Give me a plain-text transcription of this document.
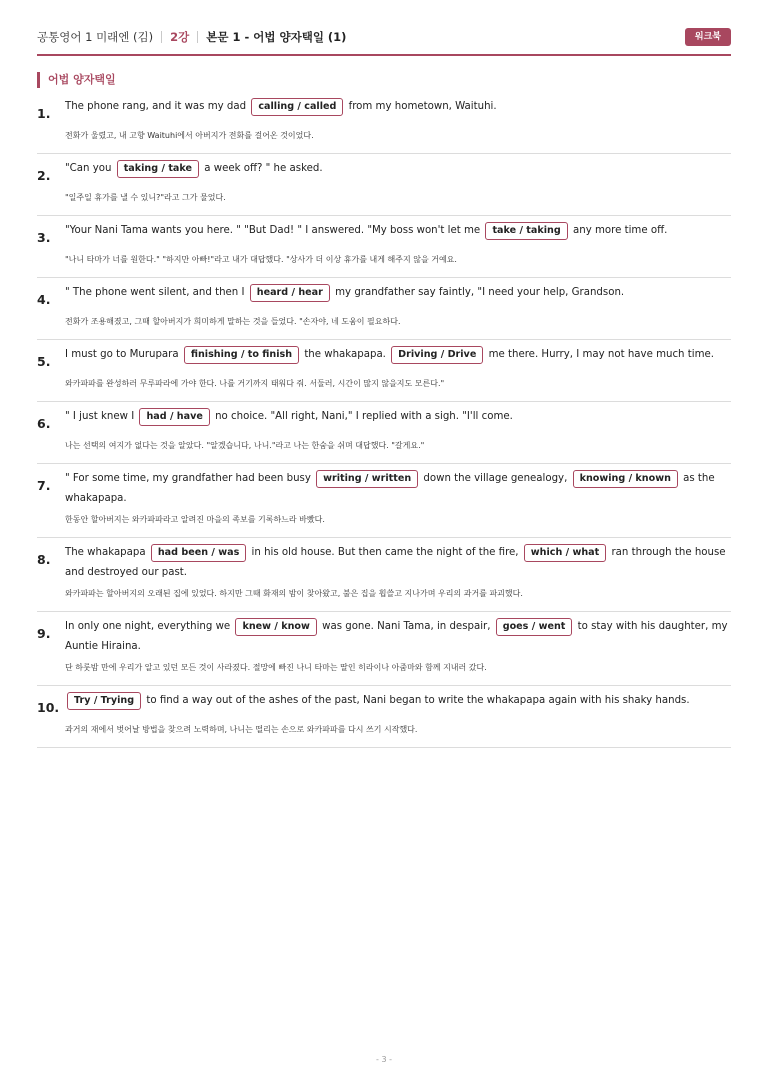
공통영어 1 미래엔 (김) 2강 본문 1 - 어법 양자택일 (1)	워크북
어법 양자택일
1.	The phone rang, and it was my dad calling / called from my hometown, Waituhi.
전화가 울렸고, 내 고향 Waituhi에서 아버지가 전화를 걸어온 것이었다.
2.	"Can you taking / take a week off? " he asked.
"일주일 휴가를 낼 수 있니?"라고 그가 물었다.
3.	"Your Nani Tama wants you here. " "But Dad! " I answered. "My boss won't let me take / taking any more time off.
"나니 타마가 너를 원한다." "하지만 아빠!"라고 내가 대답했다. "상사가 더 이상 휴가를 내게 해주지 않을 거예요.
4.	" The phone went silent, and then I heard / hear my grandfather say faintly, "I need your help, Grandson.
전화가 조용해졌고, 그때 할아버지가 희미하게 말하는 것을 들었다. "손자야, 네 도움이 필요하다.
5.	I must go to Murupara finishing / to finish the whakapapa. Driving / Drive me there. Hurry, I may not have much time.
와카파파를 완성하러 무루파라에 가야 한다. 나를 거기까지 태워다 줘. 서둘러, 시간이 많지 않을지도 모른다."
6.	" I just knew I had / have no choice. "All right, Nani," I replied with a sigh. "I'll come.
나는 선택의 여지가 없다는 것을 알았다. "알겠습니다, 나니."라고 나는 한숨을 쉬며 대답했다. "갈게요."
7.	" For some time, my grandfather had been busy writing / written down the village genealogy, knowing / known as the whakapapa.
한동안 할아버지는 와카파파라고 알려진 마을의 족보를 기록하느라 바빴다.
8.	The whakapapa had been / was in his old house. But then came the night of the fire, which / what ran through the house and destroyed our past.
와카파파는 할아버지의 오래된 집에 있었다. 하지만 그때 화재의 밤이 찾아왔고, 불은 집을 휩쓸고 지나가며 우리의 과거를 파괴했다.
9.	In only one night, everything we knew / know was gone. Nani Tama, in despair, goes / went to stay with his daughter, my Auntie Hiraina.
단 하룻밤 만에 우리가 알고 있던 모든 것이 사라졌다. 절망에 빠진 나니 타마는 딸인 히라이나 아줌마와 함께 지내러 갔다.
10.	Try / Trying to find a way out of the ashes of the past, Nani began to write the whakapapa again with his shaky hands.
과거의 재에서 벗어날 방법을 찾으려 노력하며, 나니는 떨리는 손으로 와카파파를 다시 쓰기 시작했다.
- 3 -
